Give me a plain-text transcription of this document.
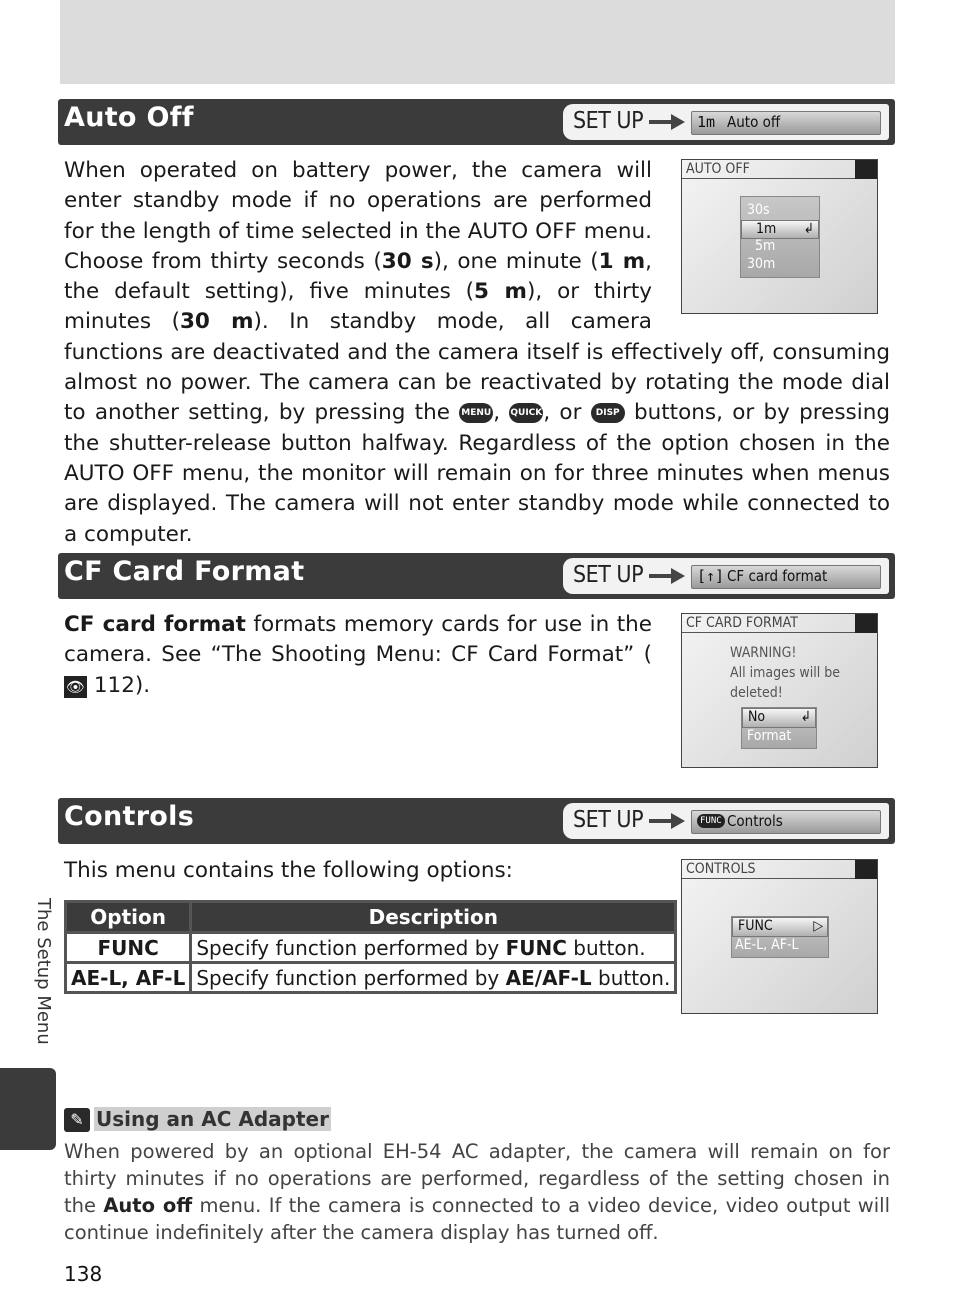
Auto Off	SET UP	1m Auto off
When operated on battery power, the camera will enter standby mode if no operations are performed for the length of time selected in the AUTO OFF menu. Choose from thirty seconds (30 s), one minute (1 m, the default setting), five minutes (5 m), or thirty minutes (30 m). In standby mode, all camera functions are deactivated and the camera itself is effectively off, consuming almost no power. The camera can be reactivated by rotating the mode dial to another setting, by pressing the MENU, QUICK, or DISP buttons, or by pressing the shutter-release button halfway. Regardless of the option chosen in the AUTO OFF menu, the monitor will remain on for three minutes when menus are displayed. The camera will not enter standby mode while connected to a computer.
AUTO OFF
30s
1m ↲
5m
30m
CF Card Format	SET UP	[↑] CF card format
CF card format formats memory cards for use in the camera. See “The Shooting Menu: CF Card Format” (👁 112).
CF CARD FORMAT
WARNING!
All images will be
deleted!
No	↲
Format
Controls	SET UP	FUNC Controls
This menu contains the following options:
Option	Description
FUNC	Specify function performed by FUNC button.
AE-L, AF-L	Specify function performed by AE/AF-L button.
CONTROLS
FUNC	▷
AE-L, AF-L
The Setup Menu
✎ Using an AC Adapter
When powered by an optional EH-54 AC adapter, the camera will remain on for thirty minutes if no operations are performed, regardless of the setting chosen in the Auto off menu. If the camera is connected to a video device, video output will continue indefinitely after the camera display has turned off.
138
